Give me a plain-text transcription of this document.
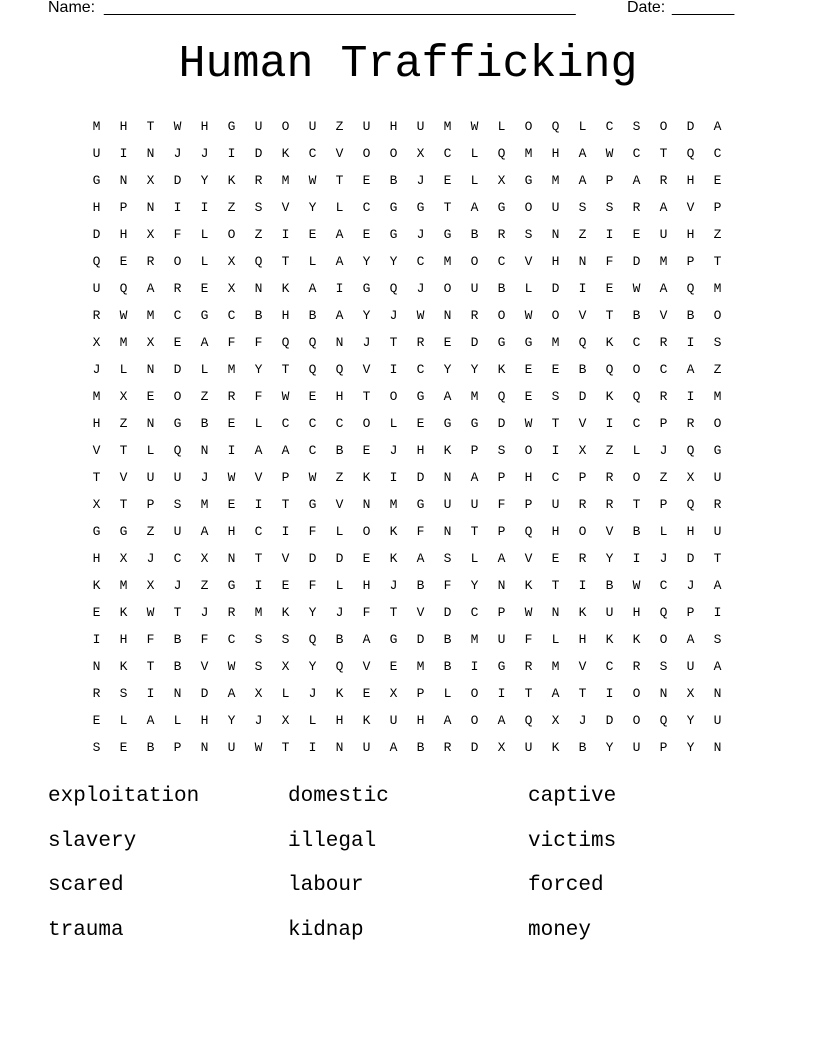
Name: _____________________________________________________	Date: _______
Human Trafficking
M	H	T	W	H	G	U	O	U	Z	U	H	U	M	W	L	O	Q	L	C	S	O	D	A
U	I	N	J	J	I	D	K	C	V	O	O	X	C	L	Q	M	H	A	W	C	T	Q	C
G	N	X	D	Y	K	R	M	W	T	E	B	J	E	L	X	G	M	A	P	A	R	H	E
H	P	N	I	I	Z	S	V	Y	L	C	G	G	T	A	G	O	U	S	S	R	A	V	P
D	H	X	F	L	O	Z	I	E	A	E	G	J	G	B	R	S	N	Z	I	E	U	H	Z
Q	E	R	O	L	X	Q	T	L	A	Y	Y	C	M	O	C	V	H	N	F	D	M	P	T
U	Q	A	R	E	X	N	K	A	I	G	Q	J	O	U	B	L	D	I	E	W	A	Q	M
R	W	M	C	G	C	B	H	B	A	Y	J	W	N	R	O	W	O	V	T	B	V	B	O
X	M	X	E	A	F	F	Q	Q	N	J	T	R	E	D	G	G	M	Q	K	C	R	I	S
J	L	N	D	L	M	Y	T	Q	Q	V	I	C	Y	Y	K	E	E	B	Q	O	C	A	Z
M	X	E	O	Z	R	F	W	E	H	T	O	G	A	M	Q	E	S	D	K	Q	R	I	M
H	Z	N	G	B	E	L	C	C	C	O	L	E	G	G	D	W	T	V	I	C	P	R	O
V	T	L	Q	N	I	A	A	C	B	E	J	H	K	P	S	O	I	X	Z	L	J	Q	G
T	V	U	U	J	W	V	P	W	Z	K	I	D	N	A	P	H	C	P	R	O	Z	X	U
X	T	P	S	M	E	I	T	G	V	N	M	G	U	U	F	P	U	R	R	T	P	Q	R
G	G	Z	U	A	H	C	I	F	L	O	K	F	N	T	P	Q	H	O	V	B	L	H	U
H	X	J	C	X	N	T	V	D	D	E	K	A	S	L	A	V	E	R	Y	I	J	D	T
K	M	X	J	Z	G	I	E	F	L	H	J	B	F	Y	N	K	T	I	B	W	C	J	A
E	K	W	T	J	R	M	K	Y	J	F	T	V	D	C	P	W	N	K	U	H	Q	P	I
I	H	F	B	F	C	S	S	Q	B	A	G	D	B	M	U	F	L	H	K	K	O	A	S
N	K	T	B	V	W	S	X	Y	Q	V	E	M	B	I	G	R	M	V	C	R	S	U	A
R	S	I	N	D	A	X	L	J	K	E	X	P	L	O	I	T	A	T	I	O	N	X	N
E	L	A	L	H	Y	J	X	L	H	K	U	H	A	O	A	Q	X	J	D	O	Q	Y	U
S	E	B	P	N	U	W	T	I	N	U	A	B	R	D	X	U	K	B	Y	U	P	Y	N
exploitation	domestic	captive
slavery	illegal	victims
scared	labour	forced
trauma	kidnap	money
